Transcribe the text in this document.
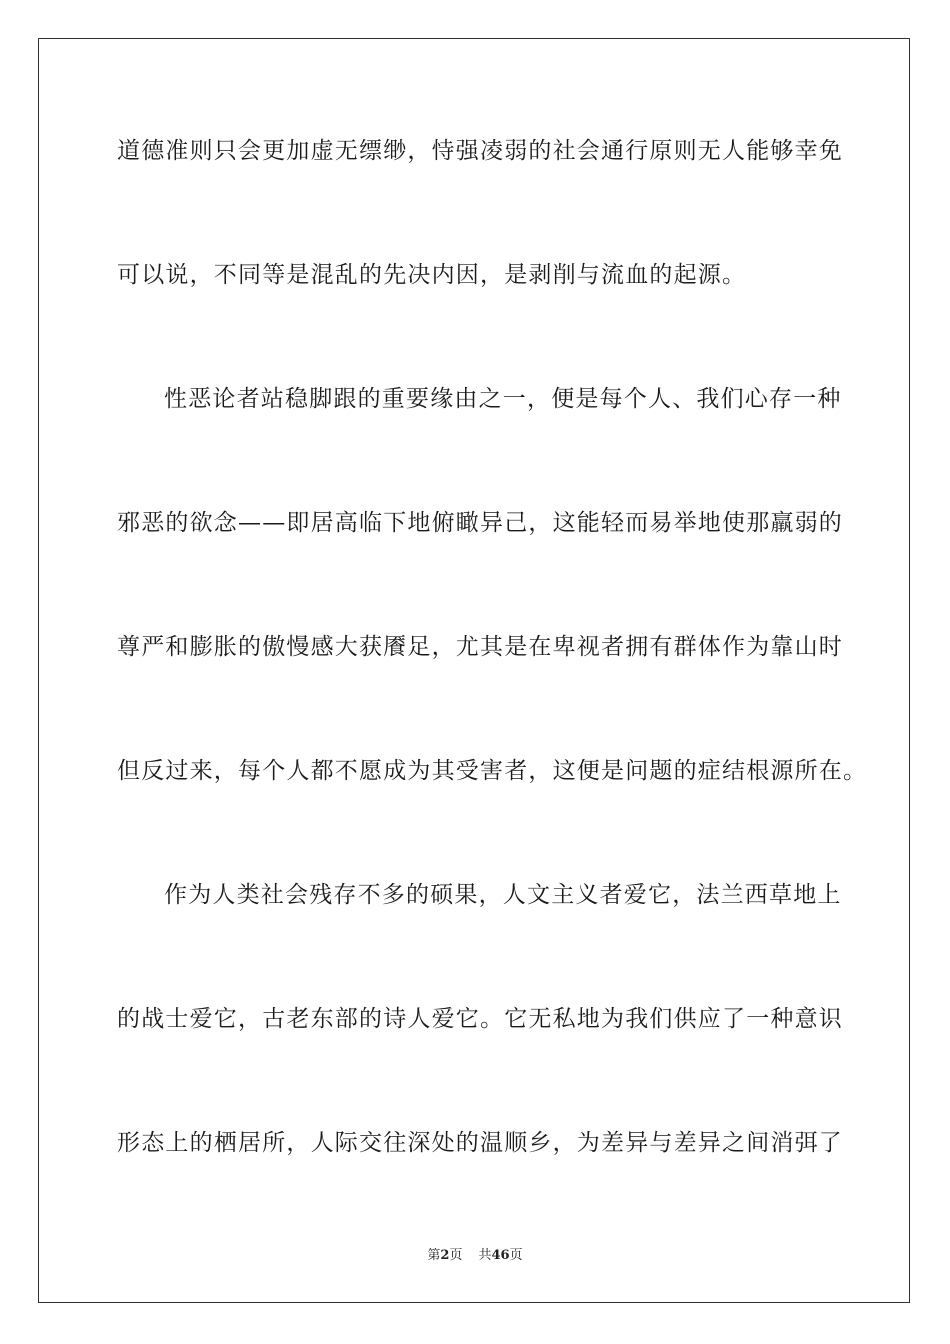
道德准则只会更加虚无缥缈，恃强凌弱的社会通行原则无人能够幸免
可以说，不同等是混乱的先决内因，是剥削与流血的起源。
性恶论者站稳脚跟的重要缘由之一，便是每个人、我们心存一种
邪恶的欲念——即居高临下地俯瞰异己，这能轻而易举地使那羸弱的
尊严和膨胀的傲慢感大获餍足，尤其是在卑视者拥有群体作为靠山时
但反过来，每个人都不愿成为其受害者，这便是问题的症结根源所在。
作为人类社会残存不多的硕果，人文主义者爱它，法兰西草地上
的战士爱它，古老东部的诗人爱它。它无私地为我们供应了一种意识
形态上的栖居所，人际交往深处的温顺乡，为差异与差异之间消弭了
第2页 共46页
